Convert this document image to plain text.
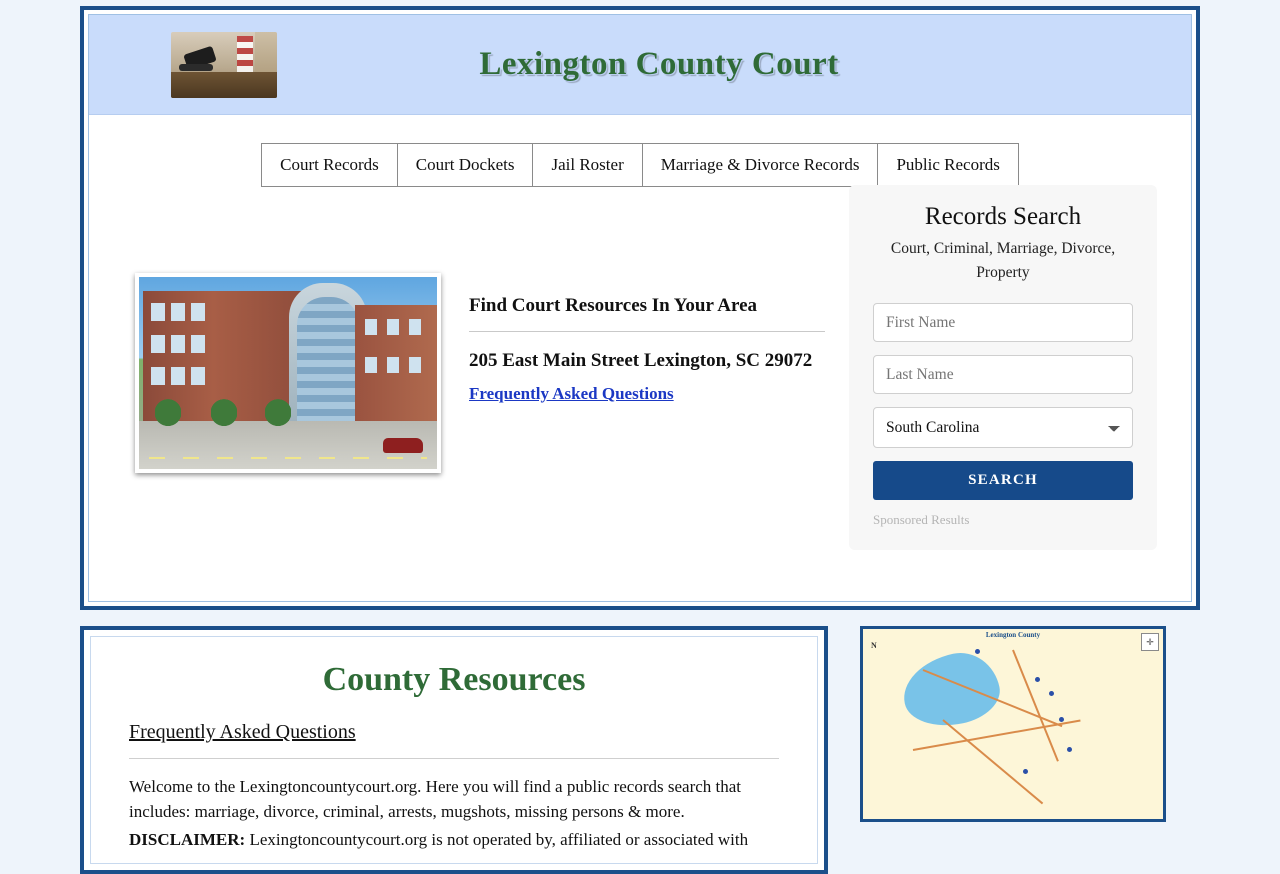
Lexington County Court
Court Records	Court Dockets	Jail Roster	Marriage & Divorce Records	Public Records
Find Court Resources In Your Area
205 East Main Street Lexington, SC 29072
Frequently Asked Questions
Records Search
Court, Criminal, Marriage, Divorce, Property
First Name Last Name
South Carolina SEARCH
Sponsored Results
County Resources
Frequently Asked Questions
Welcome to the Lexingtoncountycourt.org. Here you will find a public records search that includes: marriage, divorce, criminal, arrests, mugshots, missing persons & more.
DISCLAIMER: Lexingtoncountycourt.org is not operated by, affiliated or associated with
Lexington County
N	✛
